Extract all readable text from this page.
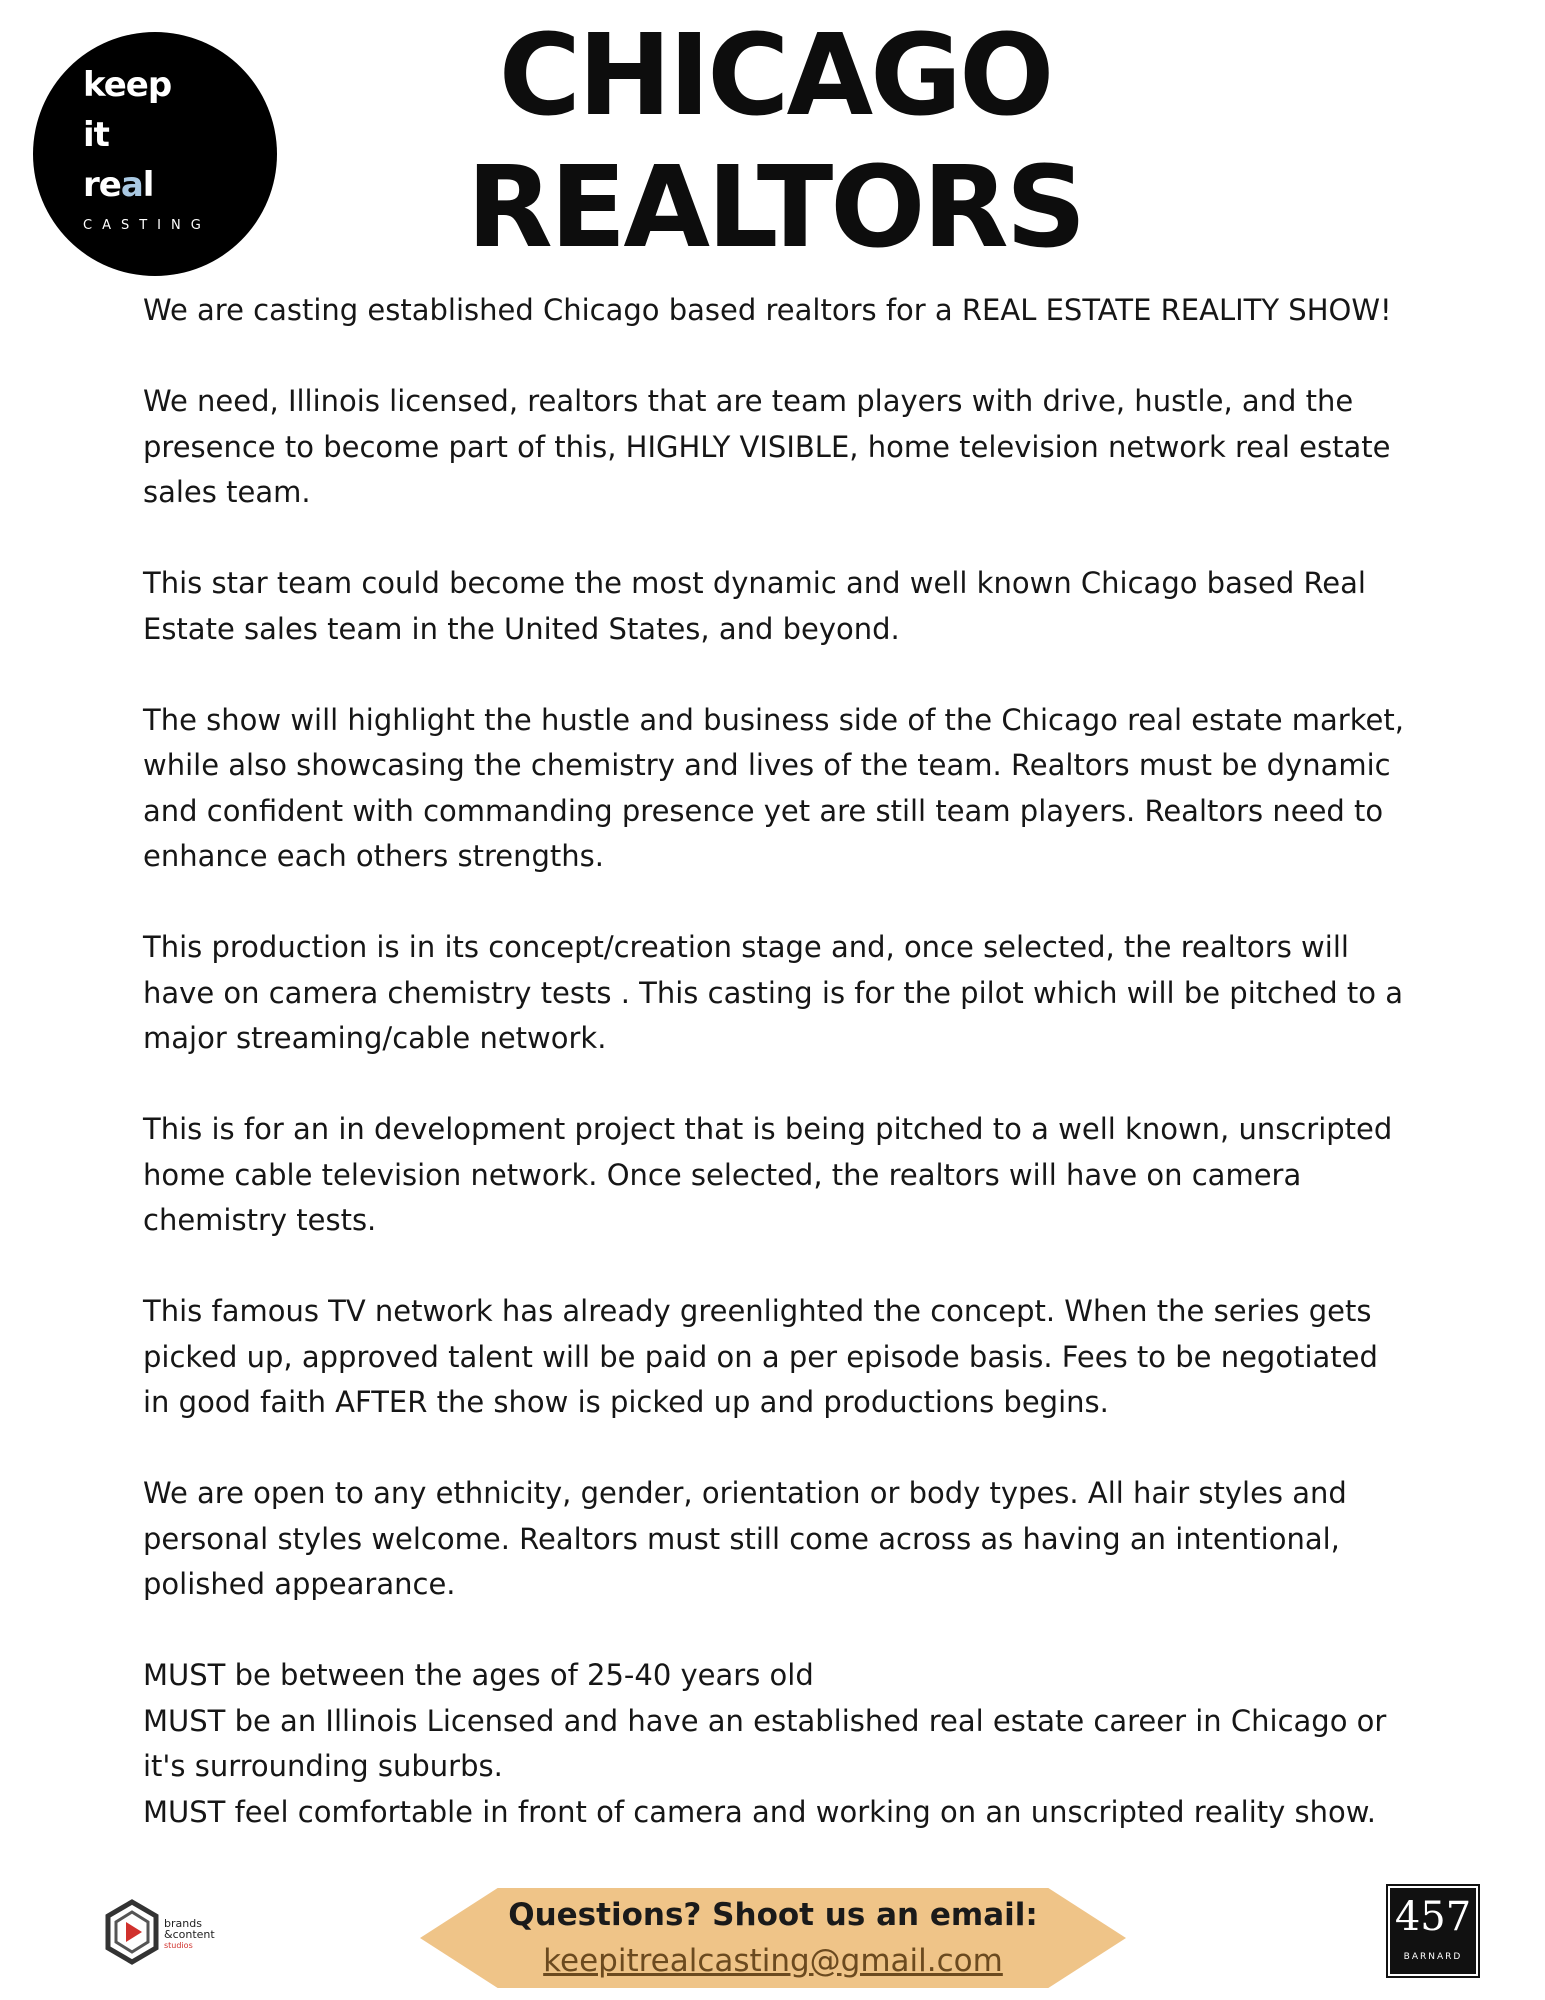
keep
it
real
CASTING
CHICAGO
REALTORS

We are casting established Chicago based realtors for a REAL ESTATE REALITY SHOW!

We need, Illinois licensed, realtors that are team players with drive, hustle, and the presence to become part of this, HIGHLY VISIBLE, home television network real estate sales team.

This star team could become the most dynamic and well known Chicago based Real Estate sales team in the United States, and beyond.

The show will highlight the hustle and business side of the Chicago real estate market, while also showcasing the chemistry and lives of the team. Realtors must be dynamic and confident with commanding presence yet are still team players. Realtors need to enhance each others strengths.

This production is in its concept/creation stage and, once selected, the realtors will have on camera chemistry tests . This casting is for the pilot which will be pitched to a major streaming/cable network.

This is for an in development project that is being pitched to a well known, unscripted home cable television network. Once selected, the realtors will have on camera chemistry tests.

This famous TV network has already greenlighted the concept. When the series gets picked up, approved talent will be paid on a per episode basis. Fees to be negotiated in good faith AFTER the show is picked up and productions begins.

We are open to any ethnicity, gender, orientation or body types. All hair styles and personal styles welcome. Realtors must still come across as having an intentional, polished appearance.

MUST be between the ages of 25-40 years old
MUST be an Illinois Licensed and have an established real estate career in Chicago or it's surrounding suburbs.
MUST feel comfortable in front of camera and working on an unscripted reality show.

brands
&content
studios
Questions? Shoot us an email:
keepitrealcasting@gmail.com
457
BARNARD
